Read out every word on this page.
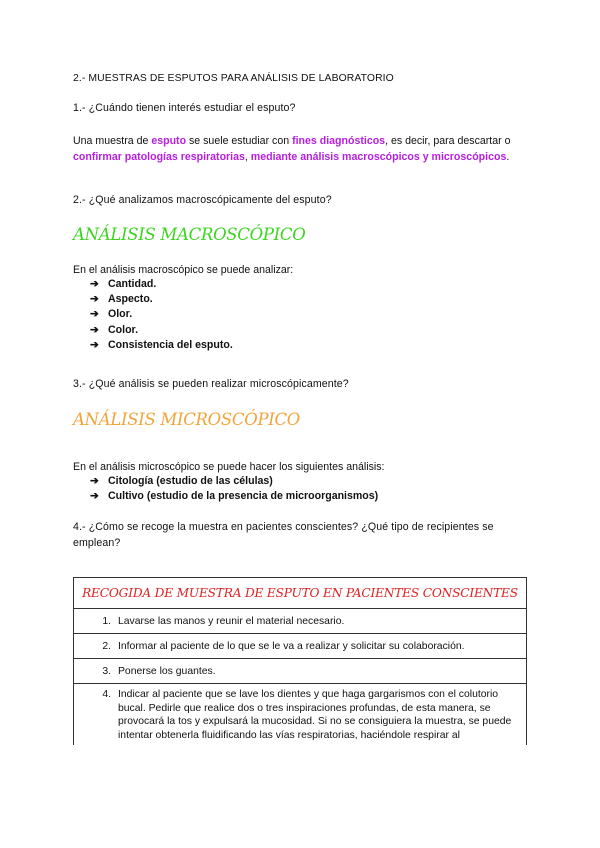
2.- MUESTRAS DE ESPUTOS PARA ANÁLISIS DE LABORATORIO
1.- ¿Cuándo tienen interés estudiar el esputo?
Una muestra de esputo se suele estudiar con fines diagnósticos, es decir, para descartar o confirmar patologías respiratorias, mediante análisis macroscópicos y microscópicos.
2.- ¿Qué analizamos macroscópicamente del esputo?
ANÁLISIS MACROSCÓPICO
En el análisis macroscópico se puede analizar:
➔ Cantidad.
➔ Aspecto.
➔ Olor.
➔ Color.
➔ Consistencia del esputo.
3.- ¿Qué análisis se pueden realizar microscópicamente?
ANÁLISIS MICROSCÓPICO
En el análisis microscópico se puede hacer los siguientes análisis:
➔ Citología (estudio de las células)
➔ Cultivo (estudio de la presencia de microorganismos)
4.- ¿Cómo se recoge la muestra en pacientes conscientes? ¿Qué tipo de recipientes se emplean?
RECOGIDA DE MUESTRA DE ESPUTO EN PACIENTES CONSCIENTES

1. Lavarse las manos y reunir el material necesario.

2. Informar al paciente de lo que se le va a realizar y solicitar su colaboración.

3. Ponerse los guantes.

4. Indicar al paciente que se lave los dientes y que haga gargarismos con el colutorio bucal. Pedirle que realice dos o tres inspiraciones profundas, de esta manera, se provocará la tos y expulsará la mucosidad. Si no se consiguiera la muestra, se puede intentar obtenerla fluidificando las vías respiratorias, haciéndole respirar al
